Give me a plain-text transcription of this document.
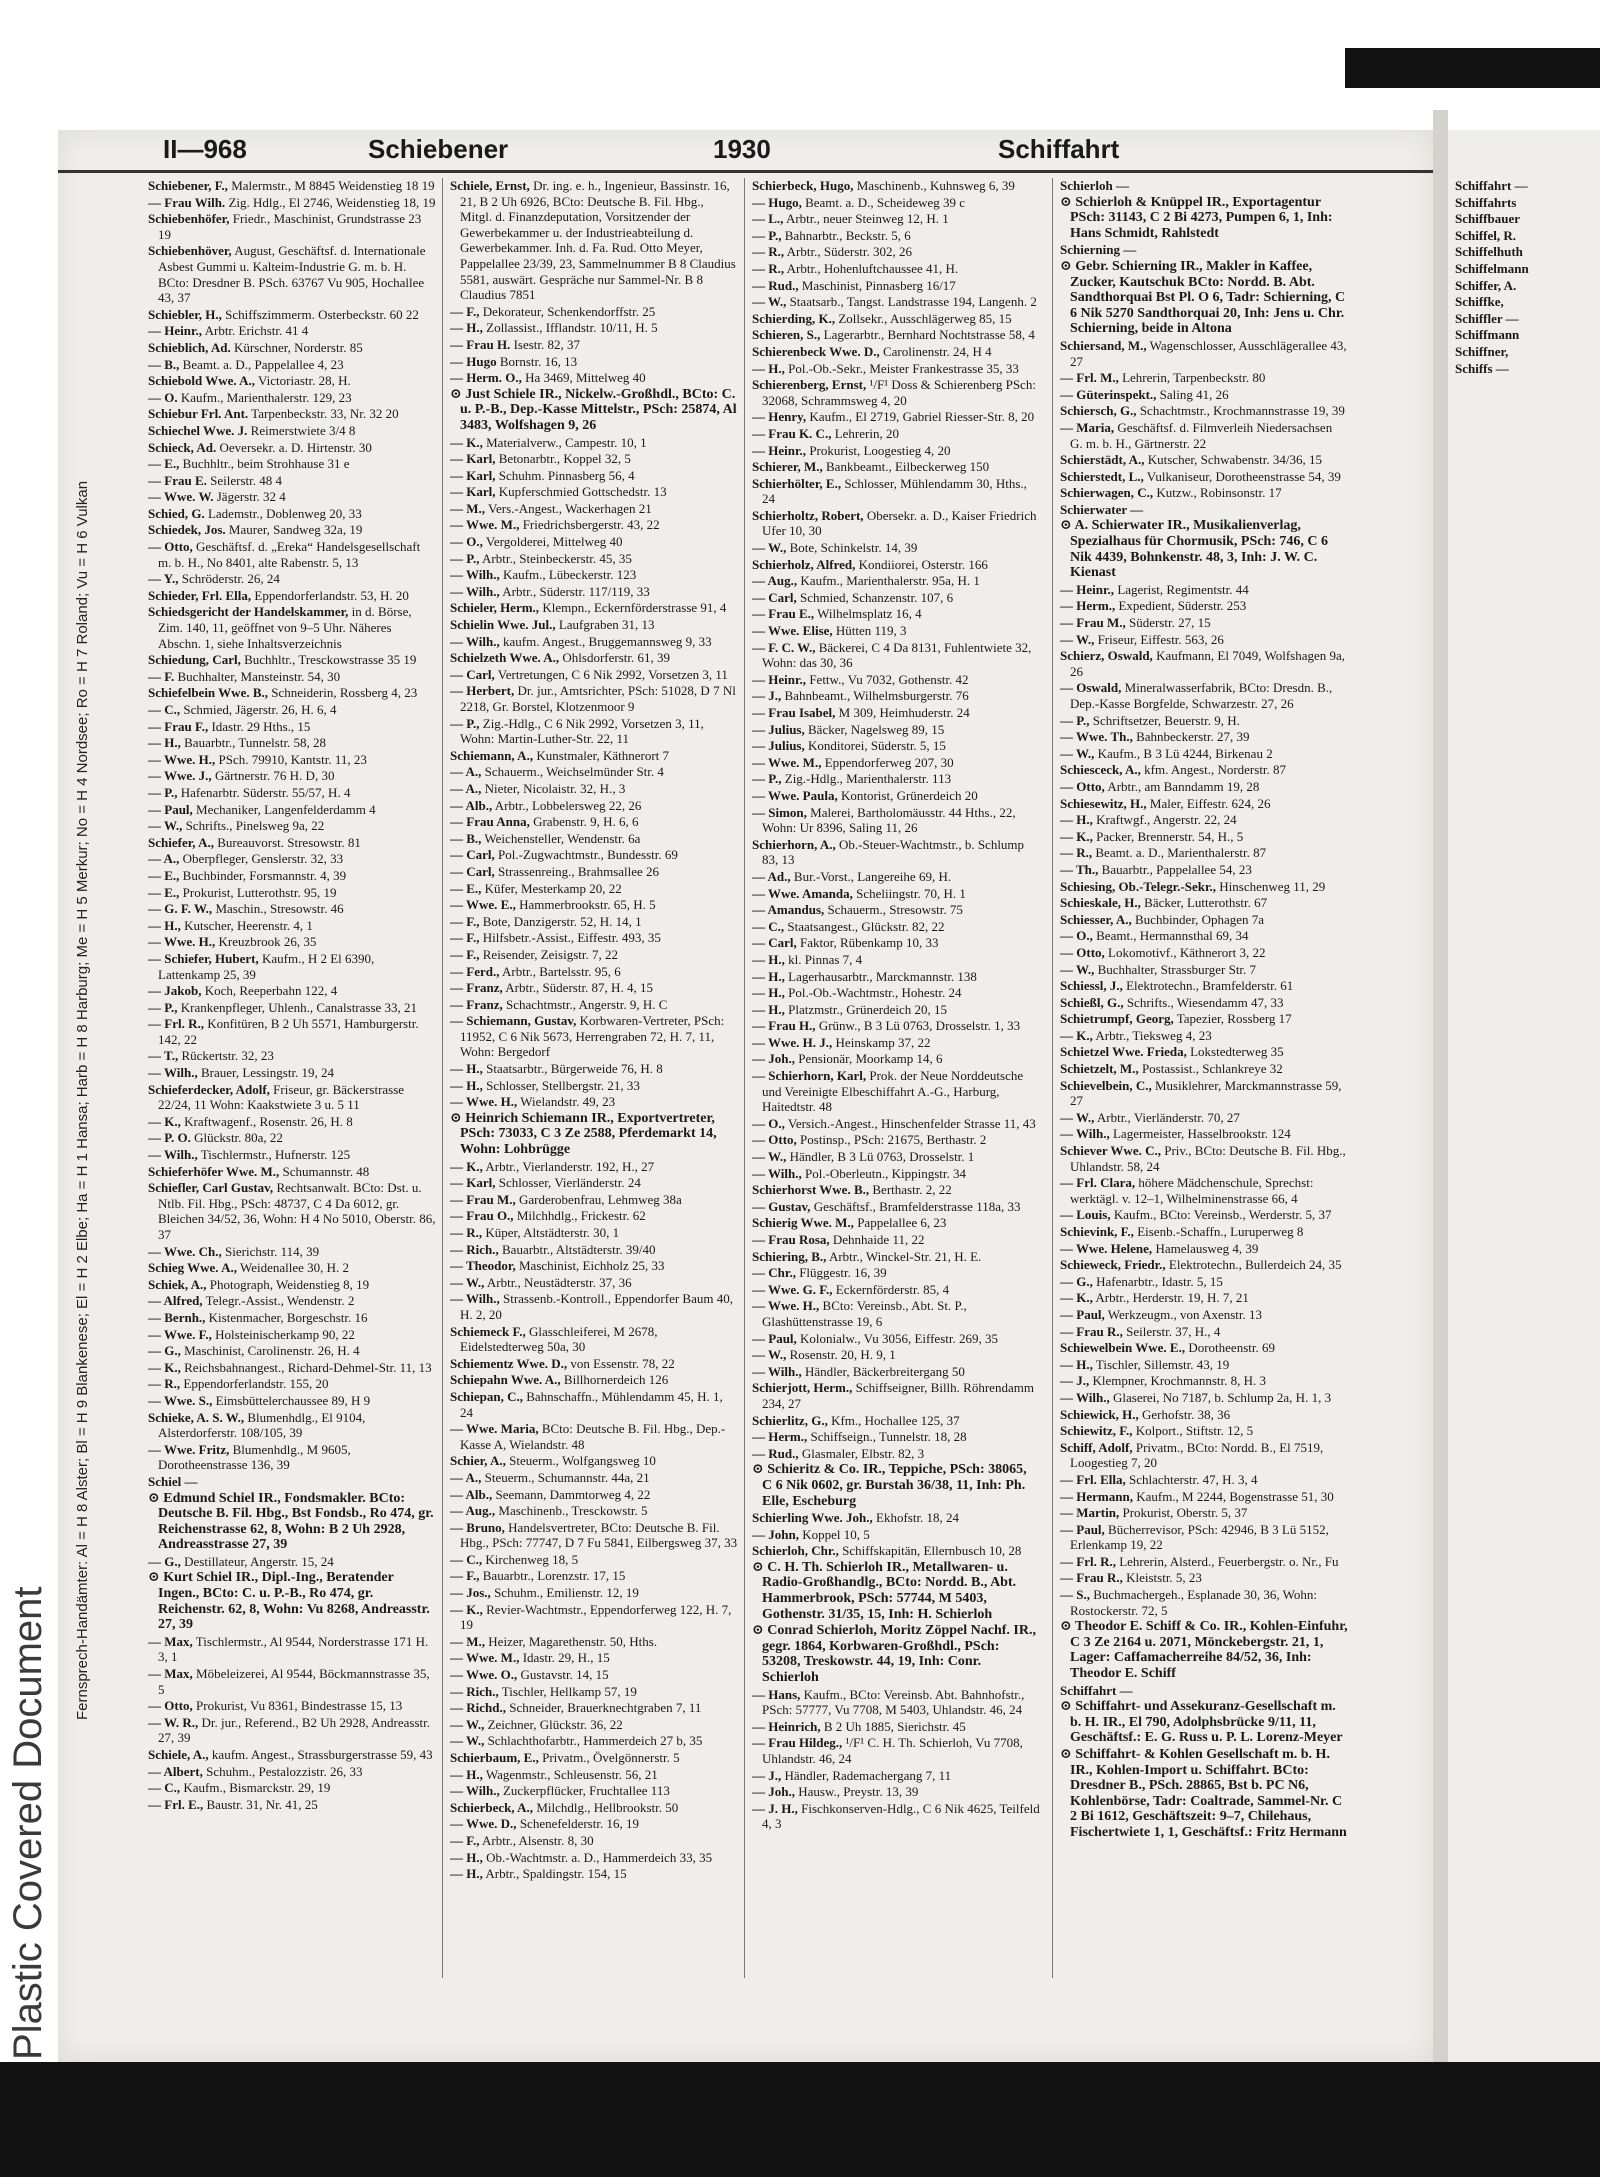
Plastic Covered Document
II—968	Schiebener	1930	Schiffahrt
Fernsprech-Handämter: Al = H 8 Alster; Bl = H 9 Blankenese; El = H 2 Elbe; Ha = H 1 Hansa; Harb = H 8 Harburg; Me = H 5 Merkur; No = H 4 Nordsee; Ro = H 7 Roland; Vu = H 6 Vulkan
Schiebener, F., Malermstr., M 8845 Weidenstieg 18 19
— Frau Wilh. Zig. Hdlg., El 2746, Weidenstieg 18, 19
Schiebenhöfer, Friedr., Maschinist, Grundstrasse 23 19
Schiebenhöver, August, Geschäftsf. d. Internationale Asbest Gummi u. Kalteim-Industrie G. m. b. H. BCto: Dresdner B. PSch. 63767 Vu 905, Hochallee 43, 37
Schiebler, H., Schiffszimmerm. Osterbeckstr. 60 22
— Heinr., Arbtr. Erichstr. 41 4
Schieblich, Ad. Kürschner, Norderstr. 85
— B., Beamt. a. D., Pappelallee 4, 23
Schiebold Wwe. A., Victoriastr. 28, H.
— O. Kaufm., Marienthalerstr. 129, 23
Schiebur Frl. Ant. Tarpenbeckstr. 33, Nr. 32 20
Schiechel Wwe. J. Reimerstwiete 3/4 8
Schieck, Ad. Oeversekr. a. D. Hirtenstr. 30
— E., Buchhltr., beim Strohhause 31 e
— Frau E. Seilerstr. 48 4
— Wwe. W. Jägerstr. 32 4
Schied, G. Lademstr., Doblenweg 20, 33
Schiedek, Jos. Maurer, Sandweg 32a, 19
— Otto, Geschäftsf. d. „Ereka“ Handelsgesellschaft m. b. H., No 8401, alte Rabenstr. 5, 13
— Y., Schröderstr. 26, 24
Schieder, Frl. Ella, Eppendorferlandstr. 53, H. 20
Schiedsgericht der Handelskammer, in d. Börse, Zim. 140, 11, geöffnet von 9–5 Uhr. Näheres Abschn. 1, siehe Inhaltsverzeichnis
Schiedung, Carl, Buchhltr., Tresckowstrasse 35 19
— F. Buchhalter, Mansteinstr. 54, 30
Schiefelbein Wwe. B., Schneiderin, Rossberg 4, 23
— C., Schmied, Jägerstr. 26, H. 6, 4
— Frau F., Idastr. 29 Hths., 15
— H., Bauarbtr., Tunnelstr. 58, 28
— Wwe. H., PSch. 79910, Kantstr. 11, 23
— Wwe. J., Gärtnerstr. 76 H. D, 30
— P., Hafenarbtr. Süderstr. 55/57, H. 4
— Paul, Mechaniker, Langenfelderdamm 4
— W., Schrifts., Pinelsweg 9a, 22
Schiefer, A., Bureauvorst. Stresowstr. 81
— A., Oberpfleger, Genslerstr. 32, 33
— E., Buchbinder, Forsmannstr. 4, 39
— E., Prokurist, Lutterothstr. 95, 19
— G. F. W., Maschin., Stresowstr. 46
— H., Kutscher, Heerenstr. 4, 1
— Wwe. H., Kreuzbrook 26, 35
— Schiefer, Hubert, Kaufm., H 2 El 6390, Lattenkamp 25, 39
— Jakob, Koch, Reeperbahn 122, 4
— P., Krankenpfleger, Uhlenh., Canalstrasse 33, 21
— Frl. R., Konfitüren, B 2 Uh 5571, Hamburgerstr. 142, 22
— T., Rückertstr. 32, 23
— Wilh., Brauer, Lessingstr. 19, 24
Schieferdecker, Adolf, Friseur, gr. Bäckerstrasse 22/24, 11 Wohn: Kaakstwiete 3 u. 5 11
— K., Kraftwagenf., Rosenstr. 26, H. 8
— P. O. Glückstr. 80a, 22
— Wilh., Tischlermstr., Hufnerstr. 125
Schieferhöfer Wwe. M., Schumannstr. 48
Schiefler, Carl Gustav, Rechtsanwalt. BCto: Dst. u. Ntlb. Fil. Hbg., PSch: 48737, C 4 Da 6012, gr. Bleichen 34/52, 36, Wohn: H 4 No 5010, Oberstr. 86, 37
— Wwe. Ch., Sierichstr. 114, 39
Schieg Wwe. A., Weidenallee 30, H. 2
Schiek, A., Photograph, Weidenstieg 8, 19
— Alfred, Telegr.-Assist., Wendenstr. 2
— Bernh., Kistenmacher, Borgeschstr. 16
— Wwe. F., Holsteinischerkamp 90, 22
— G., Maschinist, Carolinenstr. 26, H. 4
— K., Reichsbahnangest., Richard-Dehmel-Str. 11, 13
— R., Eppendorferlandstr. 155, 20
— Wwe. S., Eimsbüttelerchaussee 89, H 9
Schieke, A. S. W., Blumenhdlg., El 9104, Alsterdorferstr. 108/105, 39
— Wwe. Fritz, Blumenhdlg., M 9605, Dorotheenstrasse 136, 39
Schiel —
⊙ Edmund Schiel IR., Fondsmakler. BCto: Deutsche B. Fil. Hbg., Bst Fondsb., Ro 474, gr. Reichenstrasse 62, 8, Wohn: B 2 Uh 2928, Andreasstrasse 27, 39
— G., Destillateur, Angerstr. 15, 24
⊙ Kurt Schiel IR., Dipl.-Ing., Beratender Ingen., BCto: C. u. P.-B., Ro 474, gr. Reichenstr. 62, 8, Wohn: Vu 8268, Andreasstr. 27, 39
— Max, Tischlermstr., Al 9544, Norderstrasse 171 H. 3, 1
— Max, Möbeleizerei, Al 9544, Böckmannstrasse 35, 5
— Otto, Prokurist, Vu 8361, Bindestrasse 15, 13
— W. R., Dr. jur., Referend., B2 Uh 2928, Andreasstr. 27, 39
Schiele, A., kaufm. Angest., Strassburgerstrasse 59, 43
— Albert, Schuhm., Pestalozzistr. 26, 33
— C., Kaufm., Bismarckstr. 29, 19
— Frl. E., Baustr. 31, Nr. 41, 25
Schiele, Ernst, Dr. ing. e. h., Ingenieur, Bassinstr. 16, 21, B 2 Uh 6926, BCto: Deutsche B. Fil. Hbg., Mitgl. d. Finanzdeputation, Vorsitzender der Gewerbekammer u. der Industrieabteilung d. Gewerbekammer. Inh. d. Fa. Rud. Otto Meyer, Pappelallee 23/39, 23, Sammelnummer B 8 Claudius 5581, auswärt. Gespräche nur Sammel-Nr. B 8 Claudius 7851
— F., Dekorateur, Schenkendorffstr. 25
— H., Zollassist., Ifflandstr. 10/11, H. 5
— Frau H. Isestr. 82, 37
— Hugo Bornstr. 16, 13
— Herm. O., Ha 3469, Mittelweg 40
⊙ Just Schiele IR., Nickelw.-Großhdl., BCto: C. u. P.-B., Dep.-Kasse Mittelstr., PSch: 25874, Al 3483, Wolfshagen 9, 26
— K., Materialverw., Campestr. 10, 1
— Karl, Betonarbtr., Koppel 32, 5
— Karl, Schuhm. Pinnasberg 56, 4
— Karl, Kupferschmied Gottschedstr. 13
— M., Vers.-Angest., Wackerhagen 21
— Wwe. M., Friedrichsbergerstr. 43, 22
— O., Vergolderei, Mittelweg 40
— P., Arbtr., Steinbeckerstr. 45, 35
— Wilh., Kaufm., Lübeckerstr. 123
— Wilh., Arbtr., Süderstr. 117/119, 33
Schieler, Herm., Klempn., Eckernförderstrasse 91, 4
Schielin Wwe. Jul., Laufgraben 31, 13
— Wilh., kaufm. Angest., Bruggemannsweg 9, 33
Schielzeth Wwe. A., Ohlsdorferstr. 61, 39
— Carl, Vertretungen, C 6 Nik 2992, Vorsetzen 3, 11
— Herbert, Dr. jur., Amtsrichter, PSch: 51028, D 7 Nl 2218, Gr. Borstel, Klotzenmoor 9
— P., Zig.-Hdlg., C 6 Nik 2992, Vorsetzen 3, 11, Wohn: Martin-Luther-Str. 22, 11
Schiemann, A., Kunstmaler, Käthnerort 7
— A., Schauerm., Weichselmünder Str. 4
— A., Nieter, Nicolaistr. 32, H., 3
— Alb., Arbtr., Lobbelersweg 22, 26
— Frau Anna, Grabenstr. 9, H. 6, 6
— B., Weichensteller, Wendenstr. 6a
— Carl, Pol.-Zugwachtmstr., Bundesstr. 69
— Carl, Strassenreing., Brahmsallee 26
— E., Küfer, Mesterkamp 20, 22
— Wwe. E., Hammerbrookstr. 65, H. 5
— F., Bote, Danzigerstr. 52, H. 14, 1
— F., Hilfsbetr.-Assist., Eiffestr. 493, 35
— F., Reisender, Zeisigstr. 7, 22
— Ferd., Arbtr., Bartelsstr. 95, 6
— Franz, Arbtr., Süderstr. 87, H. 4, 15
— Franz, Schachtmstr., Angerstr. 9, H. C
— Schiemann, Gustav, Korbwaren-Vertreter, PSch: 11952, C 6 Nik 5673, Herrengraben 72, H. 7, 11, Wohn: Bergedorf
— H., Staatsarbtr., Bürgerweide 76, H. 8
— H., Schlosser, Stellbergstr. 21, 33
— Wwe. H., Wielandstr. 49, 23
⊙ Heinrich Schiemann IR., Exportvertreter, PSch: 73033, C 3 Ze 2588, Pferdemarkt 14, Wohn: Lohbrügge
— K., Arbtr., Vierlanderstr. 192, H., 27
— Karl, Schlosser, Vierländerstr. 24
— Frau M., Garderobenfrau, Lehmweg 38a
— Frau O., Milchhdlg., Frickestr. 62
— R., Küper, Altstädterstr. 30, 1
— Rich., Bauarbtr., Altstädterstr. 39/40
— Theodor, Maschinist, Eichholz 25, 33
— W., Arbtr., Neustädterstr. 37, 36
— Wilh., Strassenb.-Kontroll., Eppendorfer Baum 40, H. 2, 20
Schiemeck F., Glasschleiferei, M 2678, Eidelstedterweg 50a, 30
Schiementz Wwe. D., von Essenstr. 78, 22
Schiepahn Wwe. A., Billhornerdeich 126
Schiepan, C., Bahnschaffn., Mühlendamm 45, H. 1, 24
— Wwe. Maria, BCto: Deutsche B. Fil. Hbg., Dep.-Kasse A, Wielandstr. 48
Schier, A., Steuerm., Wolfgangsweg 10
— A., Steuerm., Schumannstr. 44a, 21
— Alb., Seemann, Dammtorweg 4, 22
— Aug., Maschinenb., Tresckowstr. 5
— Bruno, Handelsvertreter, BCto: Deutsche B. Fil. Hbg., PSch: 77747, D 7 Fu 5841, Eilbergsweg 37, 33
— C., Kirchenweg 18, 5
— F., Bauarbtr., Lorenzstr. 17, 15
— Jos., Schuhm., Emilienstr. 12, 19
— K., Revier-Wachtmstr., Eppendorferweg 122, H. 7, 19
— M., Heizer, Magarethenstr. 50, Hths.
— Wwe. M., Idastr. 29, H., 15
— Wwe. O., Gustavstr. 14, 15
— Rich., Tischler, Hellkamp 57, 19
— Richd., Schneider, Brauerknechtgraben 7, 11
— W., Zeichner, Glückstr. 36, 22
— W., Schlachthofarbtr., Hammerdeich 27 b, 35
Schierbaum, E., Privatm., Övelgönnerstr. 5
— H., Wagenmstr., Schleusenstr. 56, 21
— Wilh., Zuckerpflücker, Fruchtallee 113
Schierbeck, A., Milchdlg., Hellbrookstr. 50
— Wwe. D., Schenefelderstr. 16, 19
— F., Arbtr., Alsenstr. 8, 30
— H., Ob.-Wachtmstr. a. D., Hammerdeich 33, 35
— H., Arbtr., Spaldingstr. 154, 15
Schierbeck, Hugo, Maschinenb., Kuhnsweg 6, 39
— Hugo, Beamt. a. D., Scheideweg 39 c
— L., Arbtr., neuer Steinweg 12, H. 1
— P., Bahnarbtr., Beckstr. 5, 6
— R., Arbtr., Süderstr. 302, 26
— R., Arbtr., Hohenluftchaussee 41, H.
— Rud., Maschinist, Pinnasberg 16/17
— W., Staatsarb., Tangst. Landstrasse 194, Langenh. 2
Schierding, K., Zollsekr., Ausschlägerweg 85, 15
Schieren, S., Lagerarbtr., Bernhard Nochtstrasse 58, 4
Schierenbeck Wwe. D., Carolinenstr. 24, H 4
— H., Pol.-Ob.-Sekr., Meister Frankestrasse 35, 33
Schierenberg, Ernst, ¹/F¹ Doss & Schierenberg PSch: 32068, Schrammsweg 4, 20
— Henry, Kaufm., El 2719, Gabriel Riesser-Str. 8, 20
— Frau K. C., Lehrerin, 20
— Heinr., Prokurist, Loogestieg 4, 20
Schierer, M., Bankbeamt., Eilbeckerweg 150
Schierhölter, E., Schlosser, Mühlendamm 30, Hths., 24
Schierholtz, Robert, Obersekr. a. D., Kaiser Friedrich Ufer 10, 30
— W., Bote, Schinkelstr. 14, 39
Schierholz, Alfred, Kondiiorei, Osterstr. 166
— Aug., Kaufm., Marienthalerstr. 95a, H. 1
— Carl, Schmied, Schanzenstr. 107, 6
— Frau E., Wilhelmsplatz 16, 4
— Wwe. Elise, Hütten 119, 3
— F. C. W., Bäckerei, C 4 Da 8131, Fuhlentwiete 32, Wohn: das 30, 36
— Heinr., Fettw., Vu 7032, Gothenstr. 42
— J., Bahnbeamt., Wilhelmsburgerstr. 76
— Frau Isabel, M 309, Heimhuderstr. 24
— Julius, Bäcker, Nagelsweg 89, 15
— Julius, Konditorei, Süderstr. 5, 15
— Wwe. M., Eppendorferweg 207, 30
— P., Zig.-Hdlg., Marienthalerstr. 113
— Wwe. Paula, Kontorist, Grünerdeich 20
— Simon, Malerei, Bartholomäusstr. 44 Hths., 22, Wohn: Ur 8396, Saling 11, 26
Schierhorn, A., Ob.-Steuer-Wachtmstr., b. Schlump 83, 13
— Ad., Bur.-Vorst., Langereihe 69, H.
— Wwe. Amanda, Scheliingstr. 70, H. 1
— Amandus, Schauerm., Stresowstr. 75
— C., Staatsangest., Glückstr. 82, 22
— Carl, Faktor, Rübenkamp 10, 33
— H., kl. Pinnas 7, 4
— H., Lagerhausarbtr., Marckmannstr. 138
— H., Pol.-Ob.-Wachtmstr., Hohestr. 24
— H., Platzmstr., Grünerdeich 20, 15
— Frau H., Grünw., B 3 Lü 0763, Drosselstr. 1, 33
— Wwe. H. J., Heinskamp 37, 22
— Joh., Pensionär, Moorkamp 14, 6
— Schierhorn, Karl, Prok. der Neue Norddeutsche und Vereinigte Elbeschiffahrt A.-G., Harburg, Haitedtstr. 48
— O., Versich.-Angest., Hinschenfelder Strasse 11, 43
— Otto, Postinsp., PSch: 21675, Berthastr. 2
— W., Händler, B 3 Lü 0763, Drosselstr. 1
— Wilh., Pol.-Oberleutn., Kippingstr. 34
Schierhorst Wwe. B., Berthastr. 2, 22
— Gustav, Geschäftsf., Bramfelderstrasse 118a, 33
Schierig Wwe. M., Pappelallee 6, 23
— Frau Rosa, Dehnhaide 11, 22
Schiering, B., Arbtr., Winckel-Str. 21, H. E.
— Chr., Flüggestr. 16, 39
— Wwe. G. F., Eckernförderstr. 85, 4
— Wwe. H., BCto: Vereinsb., Abt. St. P., Glashüttenstrasse 19, 6
— Paul, Kolonialw., Vu 3056, Eiffestr. 269, 35
— W., Rosenstr. 20, H. 9, 1
— Wilh., Händler, Bäckerbreitergang 50
Schierjott, Herm., Schiffseigner, Billh. Röhrendamm 234, 27
Schierlitz, G., Kfm., Hochallee 125, 37
— Herm., Schiffseign., Tunnelstr. 18, 28
— Rud., Glasmaler, Elbstr. 82, 3
⊙ Schieritz & Co. IR., Teppiche, PSch: 38065, C 6 Nik 0602, gr. Burstah 36/38, 11, Inh: Ph. Elle, Escheburg
Schierling Wwe. Joh., Ekhofstr. 18, 24
— John, Koppel 10, 5
Schierloh, Chr., Schiffskapitän, Ellernbusch 10, 28
⊙ C. H. Th. Schierloh IR., Metallwaren- u. Radio-Großhandlg., BCto: Nordd. B., Abt. Hammerbrook, PSch: 57744, M 5403, Gothenstr. 31/35, 15, Inh: H. Schierloh
⊙ Conrad Schierloh, Moritz Zöppel Nachf. IR., gegr. 1864, Korbwaren-Großhdl., PSch: 53208, Treskowstr. 44, 19, Inh: Conr. Schierloh
— Hans, Kaufm., BCto: Vereinsb. Abt. Bahnhofstr., PSch: 57777, Vu 7708, M 5403, Uhlandstr. 46, 24
— Heinrich, B 2 Uh 1885, Sierichstr. 45
— Frau Hildeg., ¹/F¹ C. H. Th. Schierloh, Vu 7708, Uhlandstr. 46, 24
— J., Händler, Rademachergang 7, 11
— Joh., Hausw., Preystr. 13, 39
— J. H., Fischkonserven-Hdlg., C 6 Nik 4625, Teilfeld 4, 3
Schierloh —
⊙ Schierloh & Knüppel IR., Exportagentur PSch: 31143, C 2 Bi 4273, Pumpen 6, 1, Inh: Hans Schmidt, Rahlstedt
Schierning —
⊙ Gebr. Schierning IR., Makler in Kaffee, Zucker, Kautschuk BCto: Nordd. B. Abt. Sandthorquai Bst Pl. O 6, Tadr: Schierning, C 6 Nik 5270 Sandthorquai 20, Inh: Jens u. Chr. Schierning, beide in Altona
Schiersand, M., Wagenschlosser, Ausschlägerallee 43, 27
— Frl. M., Lehrerin, Tarpenbeckstr. 80
— Güterinspekt., Saling 41, 26
Schiersch, G., Schachtmstr., Krochmannstrasse 19, 39
— Maria, Geschäftsf. d. Filmverleih Niedersachsen G. m. b. H., Gärtnerstr. 22
Schierstädt, A., Kutscher, Schwabenstr. 34/36, 15
Schierstedt, L., Vulkaniseur, Dorotheenstrasse 54, 39
Schierwagen, C., Kutzw., Robinsonstr. 17
Schierwater —
⊙ A. Schierwater IR., Musikalienverlag, Spezialhaus für Chormusik, PSch: 746, C 6 Nik 4439, Bohnkenstr. 48, 3, Inh: J. W. C. Kienast
— Heinr., Lagerist, Regimentstr. 44
— Herm., Expedient, Süderstr. 253
— Frau M., Süderstr. 27, 15
— W., Friseur, Eiffestr. 563, 26
Schierz, Oswald, Kaufmann, El 7049, Wolfshagen 9a, 26
— Oswald, Mineralwasserfabrik, BCto: Dresdn. B., Dep.-Kasse Borgfelde, Schwarzestr. 27, 26
— P., Schriftsetzer, Beuerstr. 9, H.
— Wwe. Th., Bahnbeckerstr. 27, 39
— W., Kaufm., B 3 Lü 4244, Birkenau 2
Schiesceck, A., kfm. Angest., Norderstr. 87
— Otto, Arbtr., am Banndamm 19, 28
Schiesewitz, H., Maler, Eiffestr. 624, 26
— H., Kraftwgf., Angerstr. 22, 24
— K., Packer, Brennerstr. 54, H., 5
— R., Beamt. a. D., Marienthalerstr. 87
— Th., Bauarbtr., Pappelallee 54, 23
Schiesing, Ob.-Telegr.-Sekr., Hinschenweg 11, 29
Schieskale, H., Bäcker, Lutterothstr. 67
Schiesser, A., Buchbinder, Ophagen 7a
— O., Beamt., Hermannsthal 69, 34
— Otto, Lokomotivf., Käthnerort 3, 22
— W., Buchhalter, Strassburger Str. 7
Schiessl, J., Elektrotechn., Bramfelderstr. 61
Schießl, G., Schrifts., Wiesendamm 47, 33
Schietrumpf, Georg, Tapezier, Rossberg 17
— K., Arbtr., Tieksweg 4, 23
Schietzel Wwe. Frieda, Lokstedterweg 35
Schietzelt, M., Postassist., Schlankreye 32
Schievelbein, C., Musiklehrer, Marckmannstrasse 59, 27
— W., Arbtr., Vierländerstr. 70, 27
— Wilh., Lagermeister, Hasselbrookstr. 124
Schiever Wwe. C., Priv., BCto: Deutsche B. Fil. Hbg., Uhlandstr. 58, 24
— Frl. Clara, höhere Mädchenschule, Sprechst: werktägl. v. 12–1, Wilhelminenstrasse 66, 4
— Louis, Kaufm., BCto: Vereinsb., Werderstr. 5, 37
Schievink, F., Eisenb.-Schaffn., Luruperweg 8
— Wwe. Helene, Hamelausweg 4, 39
Schieweck, Friedr., Elektrotechn., Bullerdeich 24, 35
— G., Hafenarbtr., Idastr. 5, 15
— K., Arbtr., Herderstr. 19, H. 7, 21
— Paul, Werkzeugm., von Axenstr. 13
— Frau R., Seilerstr. 37, H., 4
Schiewelbein Wwe. E., Dorotheenstr. 69
— H., Tischler, Sillemstr. 43, 19
— J., Klempner, Krochmannstr. 8, H. 3
— Wilh., Glaserei, No 7187, b. Schlump 2a, H. 1, 3
Schiewick, H., Gerhofstr. 38, 36
Schiewitz, F., Kolport., Stiftstr. 12, 5
Schiff, Adolf, Privatm., BCto: Nordd. B., El 7519, Loogestieg 7, 20
— Frl. Ella, Schlachterstr. 47, H. 3, 4
— Hermann, Kaufm., M 2244, Bogenstrasse 51, 30
— Martin, Prokurist, Oberstr. 5, 37
— Paul, Bücherrevisor, PSch: 42946, B 3 Lü 5152, Erlenkamp 19, 22
— Frl. R., Lehrerin, Alsterd., Feuerbergstr. o. Nr., Fu
— Frau R., Kleiststr. 5, 23
— S., Buchmachergeh., Esplanade 30, 36, Wohn: Rostockerstr. 72, 5
⊙ Theodor E. Schiff & Co. IR., Kohlen-Einfuhr, C 3 Ze 2164 u. 2071, Mönckebergstr. 21, 1, Lager: Caffamacherreihe 84/52, 36, Inh: Theodor E. Schiff
Schiffahrt —
⊙ Schiffahrt- und Assekuranz-Gesellschaft m. b. H. IR., El 790, Adolphsbrücke 9/11, 11, Geschäftsf.: E. G. Russ u. P. L. Lorenz-Meyer
⊙ Schiffahrt- & Kohlen Gesellschaft m. b. H. IR., Kohlen-Import u. Schiffahrt. BCto: Dresdner B., PSch. 28865, Bst b. PC N6, Kohlenbörse, Tadr: Coaltrade, Sammel-Nr. C 2 Bi 1612, Geschäftszeit: 9–7, Chilehaus, Fischertwiete 1, 1, Geschäftsf.: Fritz Hermann
Schiffahrt —
Schiffahrts
Schiffbauer
Schiffel, R.
Schiffelhuth
Schiffelmann
Schiffer, A.
Schiffke,
Schiffler —
Schiffmann
Schiffner,
Schiffs —
